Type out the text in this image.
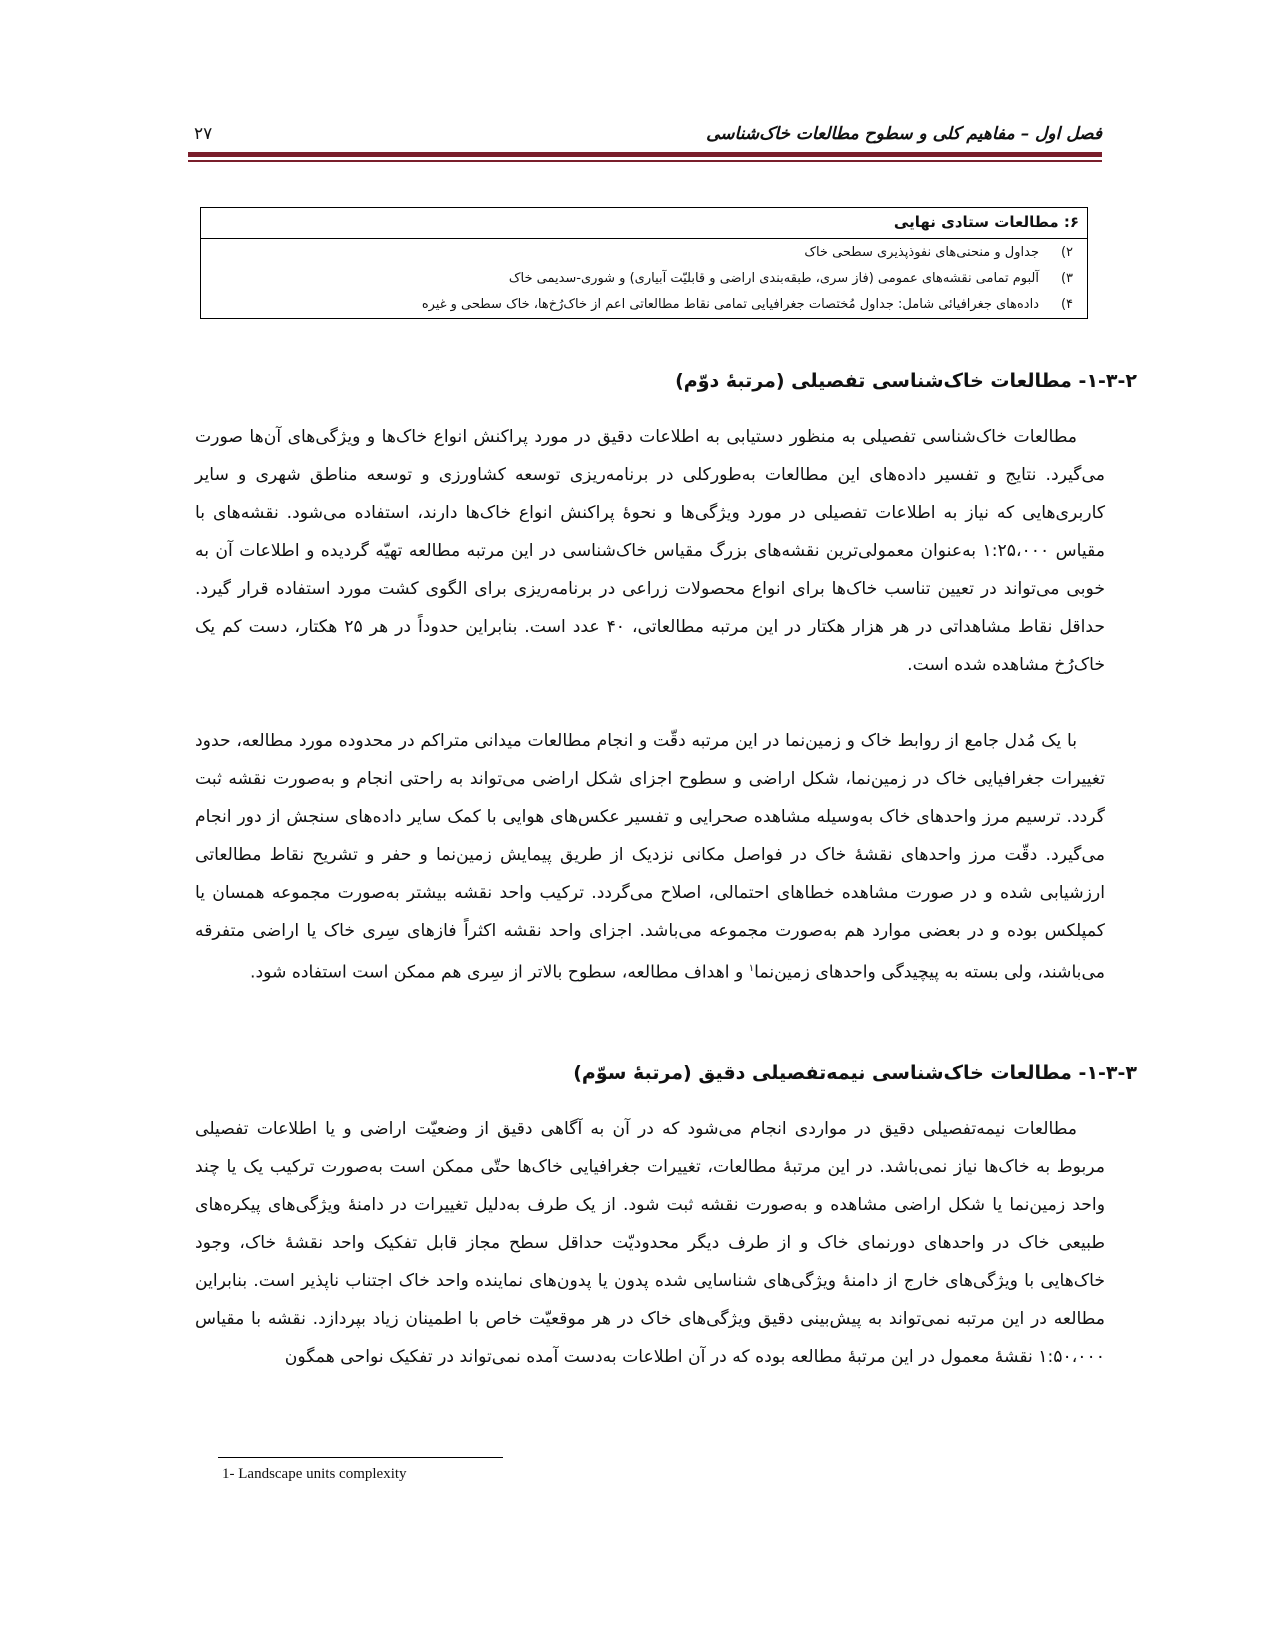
فصل اول – مفاهیم کلی و سطوح مطالعات خاک‌شناسی
۲۷
۶: مطالعات ستادی نهایی
۲)
جداول و منحنی‌های نفوذپذیری سطحی خاک
۳)
آلبوم تمامی نقشه‌های عمومی (فاز سری، طبقه‌بندی اراضی و قابلیّت آبیاری) و شوری-سدیمی خاک
۴)
داده‌های جغرافیائی شامل: جداول مُختصات جغرافیایی تمامی نقاط مطالعاتی اعم از خاک‌رُخ‌ها، خاک سطحی و غیره
۱-۳-۲- مطالعات خاک‌شناسی تفصیلی (مرتبۀ دوّم)

مطالعات خاک‌شناسی تفصیلی به منظور دستیابی به اطلاعات دقیق در مورد پراکنش انواع خاک‌ها و ویژگی‌های آن‌ها صورت می‌گیرد. نتایج و تفسیر داده‌های این مطالعات به‌طورکلی در برنامه‌ریزی توسعه کشاورزی و توسعه مناطق شهری و سایر کاربری‌هایی که نیاز به اطلاعات تفصیلی در مورد ویژگی‌ها و نحوۀ پراکنش انواع خاک‌ها دارند، استفاده می‌شود. نقشه‌های با مقیاس ۱:۲۵،۰۰۰ به‌عنوان معمولی‌ترین نقشه‌های بزرگ مقیاس خاک‌شناسی در این مرتبه مطالعه تهیّه گردیده و اطلاعات آن به خوبی می‌تواند در تعیین تناسب خاک‌ها برای انواع محصولات زراعی در برنامه‌ریزی برای الگوی کشت مورد استفاده قرار گیرد. حداقل نقاط مشاهداتی در هر هزار هکتار در این مرتبه مطالعاتی، ۴۰ عدد است. بنابراین حدوداً در هر ۲۵ هکتار، دست کم یک خاک‌رُخ مشاهده شده است.

با یک مُدل جامع از روابط خاک و زمین‌نما در این مرتبه دقّت و انجام مطالعات میدانی متراکم در محدوده مورد مطالعه، حدود تغییرات جغرافیایی خاک در زمین‌نما، شکل اراضی و سطوح اجزای شکل اراضی می‌تواند به راحتی انجام و به‌صورت نقشه ثبت گردد. ترسیم مرز واحدهای خاک به‌وسیله مشاهده صحرایی و تفسیر عکس‌های هوایی با کمک سایر داده‌های سنجش از دور انجام می‌گیرد. دقّت مرز واحدهای نقشۀ خاک در فواصل مکانی نزدیک از طریق پیمایش زمین‌نما و حفر و تشریح نقاط مطالعاتی ارزشیابی شده و در صورت مشاهده خطاهای احتمالی، اصلاح می‌گردد. ترکیب واحد نقشه بیشتر به‌صورت مجموعه همسان یا کمپلکس بوده و در بعضی موارد هم به‌صورت مجموعه می‌باشد. اجزای واحد نقشه اکثراً فازهای سِری خاک یا اراضی متفرقه می‌باشند، ولی بسته به پیچیدگی واحدهای زمین‌نما$^۱$ و اهداف مطالعه، سطوح بالاتر از سِری هم ممکن است استفاده شود.

۱-۳-۳- مطالعات خاک‌شناسی نیمه‌تفصیلی دقیق (مرتبۀ سوّم)

مطالعات نیمه‌تفصیلی دقیق در مواردی انجام می‌شود که در آن به آگاهی دقیق از وضعیّت اراضی و یا اطلاعات تفصیلی مربوط به خاک‌ها نیاز نمی‌باشد. در این مرتبۀ مطالعات، تغییرات جغرافیایی خاک‌ها حتّی ممکن است به‌صورت ترکیب یک یا چند واحد زمین‌نما یا شکل اراضی مشاهده و به‌صورت نقشه ثبت شود. از یک طرف به‌دلیل تغییرات در دامنۀ ویژگی‌های پیکره‌های طبیعی خاک در واحدهای دورنمای خاک و از طرف دیگر محدودیّت حداقل سطح مجاز قابل تفکیک واحد نقشۀ خاک، وجود خاک‌هایی با ویژگی‌های خارج از دامنۀ ویژگی‌های شناسایی شده پدون یا پدون‌های نماینده واحد خاک اجتناب ناپذیر است. بنابراین مطالعه در این مرتبه نمی‌تواند به پیش‌بینی دقیق ویژگی‌های خاک در هر موقعیّت خاص با اطمینان زیاد بپردازد. نقشه با مقیاس ۱:۵۰،۰۰۰ نقشۀ معمول در این مرتبۀ مطالعه بوده که در آن اطلاعات به‌دست آمده نمی‌تواند در تفکیک نواحی همگون

1- Landscape units complexity
